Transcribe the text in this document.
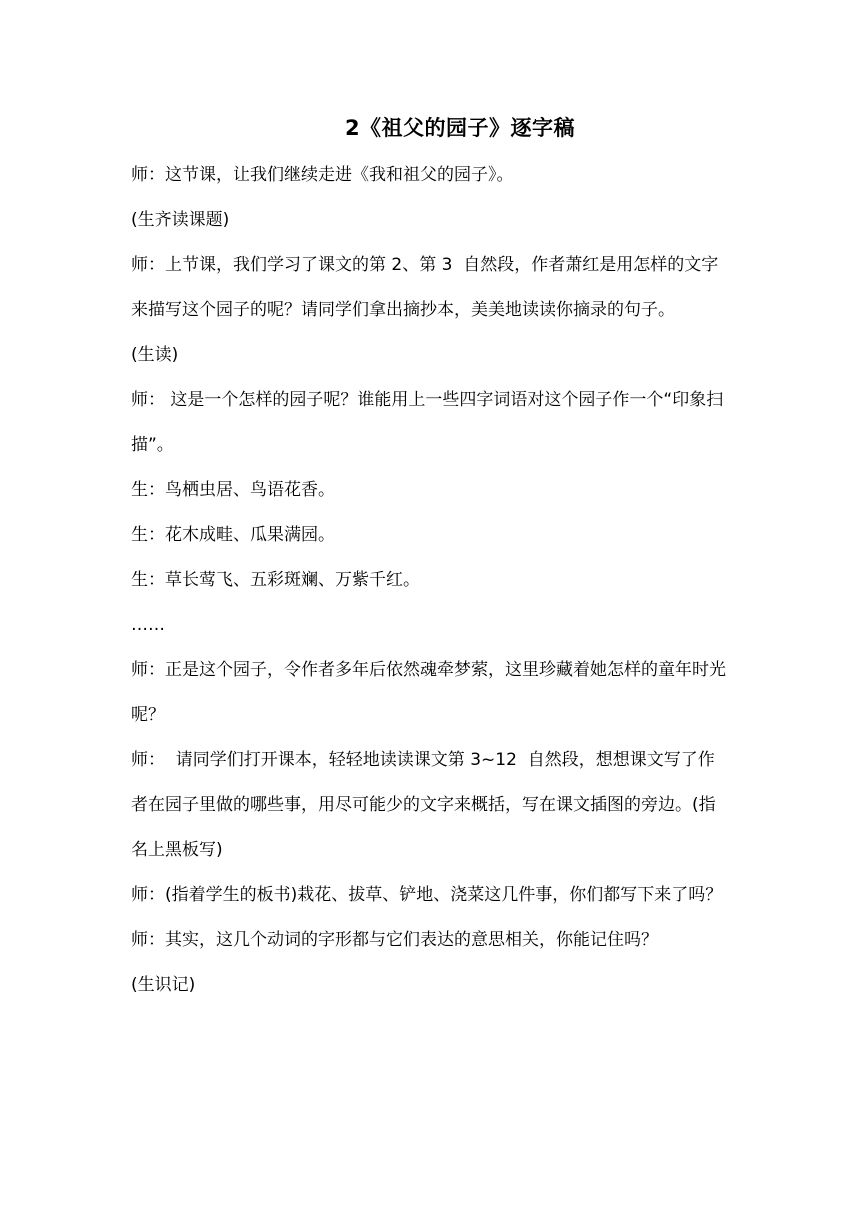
2《祖父的园子》逐字稿

师：这节课，让我们继续走进《我和祖父的园子》。

(生齐读课题)

师：上节课，我们学习了课文的第 2、第 3  自然段，作者萧红是用怎样的文字来描写这个园子的呢？请同学们拿出摘抄本，美美地读读你摘录的句子。

(生读)

师： 这是一个怎样的园子呢？谁能用上一些四字词语对这个园子作一个“印象扫描”。

生：鸟栖虫居、鸟语花香。

生：花木成畦、瓜果满园。

生：草长莺飞、五彩斑斓、万紫千红。

……

师：正是这个园子，令作者多年后依然魂牵梦萦，这里珍藏着她怎样的童年时光呢？

师：  请同学们打开课本，轻轻地读读课文第 3~12  自然段，想想课文写了作者在园子里做的哪些事，用尽可能少的文字来概括，写在课文插图的旁边。(指名上黑板写)

师：(指着学生的板书)栽花、拔草、铲地、浇菜这几件事，你们都写下来了吗？

师：其实，这几个动词的字形都与它们表达的意思相关，你能记住吗？

(生识记)
